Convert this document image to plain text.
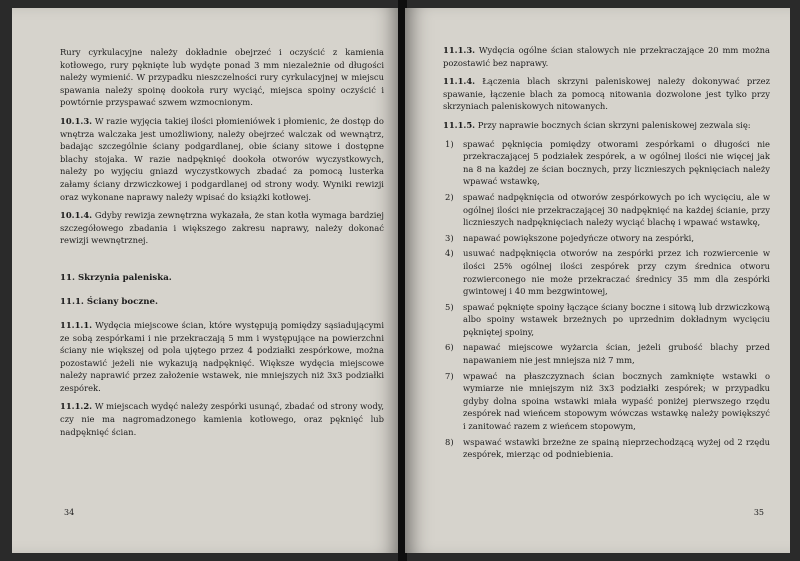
Rury cyrkulacyjne należy dokładnie obejrzeć i oczyścić z kamienia kotłowego, rury pęknięte lub wydęte ponad 3 mm niezależnie od długości należy wymienić. W przypadku nieszczelności rury cyrkulacyjnej w miejscu spawania należy spoinę dookoła rury wyciąć, miejsca spoiny oczyścić i powtórnie przyspawać szwem wzmocnionym.

10.1.3. W razie wyjęcia takiej ilości płomieniówek i płomienic, że dostęp do wnętrza walczaka jest umożliwiony, należy obejrzeć walczak od wewnątrz, badając szczególnie ściany podgardlanej, obie ściany sitowe i dostępne blachy stojaka. W razie nadpęknięć dookoła otworów wyczystkowych, należy po wyjęciu gniazd wyczystkowych zbadać za pomocą lusterka załamy ściany drzwiczkowej i podgardlanej od strony wody. Wyniki rewizji oraz wykonane naprawy należy wpisać do książki kotłowej.

10.1.4. Gdyby rewizja zewnętrzna wykazała, że stan kotła wymaga bardziej szczegółowego zbadania i większego zakresu naprawy, należy dokonać rewizji wewnętrznej.

11. Skrzynia paleniska.
11.1. Ściany boczne.

11.1.1. Wydęcia miejscowe ścian, które występują pomiędzy sąsiadującymi ze sobą zespórkami i nie przekraczają 5 mm i występujące na powierzchni ściany nie większej od pola ujętego przez 4 podziałki zespórkowe, można pozostawić jeżeli nie wykazują nadpęknięć. Większe wydęcia miejscowe należy naprawić przez założenie wstawek, nie mniejszych niż 3x3 podziałki zespórek.

11.1.2. W miejscach wydęć należy zespórki usunąć, zbadać od strony wody, czy nie ma nagromadzonego kamienia kotłowego, oraz pęknięć lub nadpęknięć ścian.

34

11.1.3. Wydęcia ogólne ścian stalowych nie przekraczające 20 mm można pozostawić bez naprawy.

11.1.4. Łączenia blach skrzyni paleniskowej należy dokonywać przez spawanie, łączenie blach za pomocą nitowania dozwolone jest tylko przy skrzyniach paleniskowych nitowanych.

11.1.5. Przy naprawie bocznych ścian skrzyni paleniskowej zezwala się:

1) spawać pęknięcia pomiędzy otworami zespórkami o długości nie przekraczającej 5 podziałek zespórek, a w ogólnej ilości nie więcej jak na 8 na każdej ze ścian bocznych, przy licznieszych pęknięciach należy wpawać wstawkę,
2) spawać nadpęknięcia od otworów zespórkowych po ich wycięciu, ale w ogólnej ilości nie przekraczającej 30 nadpęknięć na każdej ścianie, przy licznieszych nadpęknięciach należy wyciąć blachę i wpawać wstawkę,
3) napawać powiększone pojedyńcze otwory na zespórki,
4) usuwać nadpęknięcia otworów na zespórki przez ich rozwiercenie w ilości 25% ogólnej ilości zespórek przy czym średnica otworu rozwierconego nie może przekraczać średnicy 35 mm dla zespórki gwintowej i 40 mm bezgwintowej,
5) spawać pęknięte spoiny łączące ściany boczne i sitową lub drzwiczkową albo spoiny wstawek brzeżnych po uprzednim dokładnym wycięciu pękniętej spoiny,
6) napawać miejscowe wyżarcia ścian, jeżeli grubość blachy przed napawaniem nie jest mniejsza niż 7 mm,
7) wpawać na płaszczyznach ścian bocznych zamknięte wstawki o wymiarze nie mniejszym niż 3x3 podziałki zespórek; w przypadku gdyby dolna spoina wstawki miała wypaść poniżej pierwszego rzędu zespórek nad wieńcem stopowym wówczas wstawkę należy powiększyć i zanitować razem z wieńcem stopowym,
8) wspawać wstawki brzeżne ze spainą nieprzechodzącą wyżej od 2 rzędu zespórek, mierząc od podniebienia.
35
